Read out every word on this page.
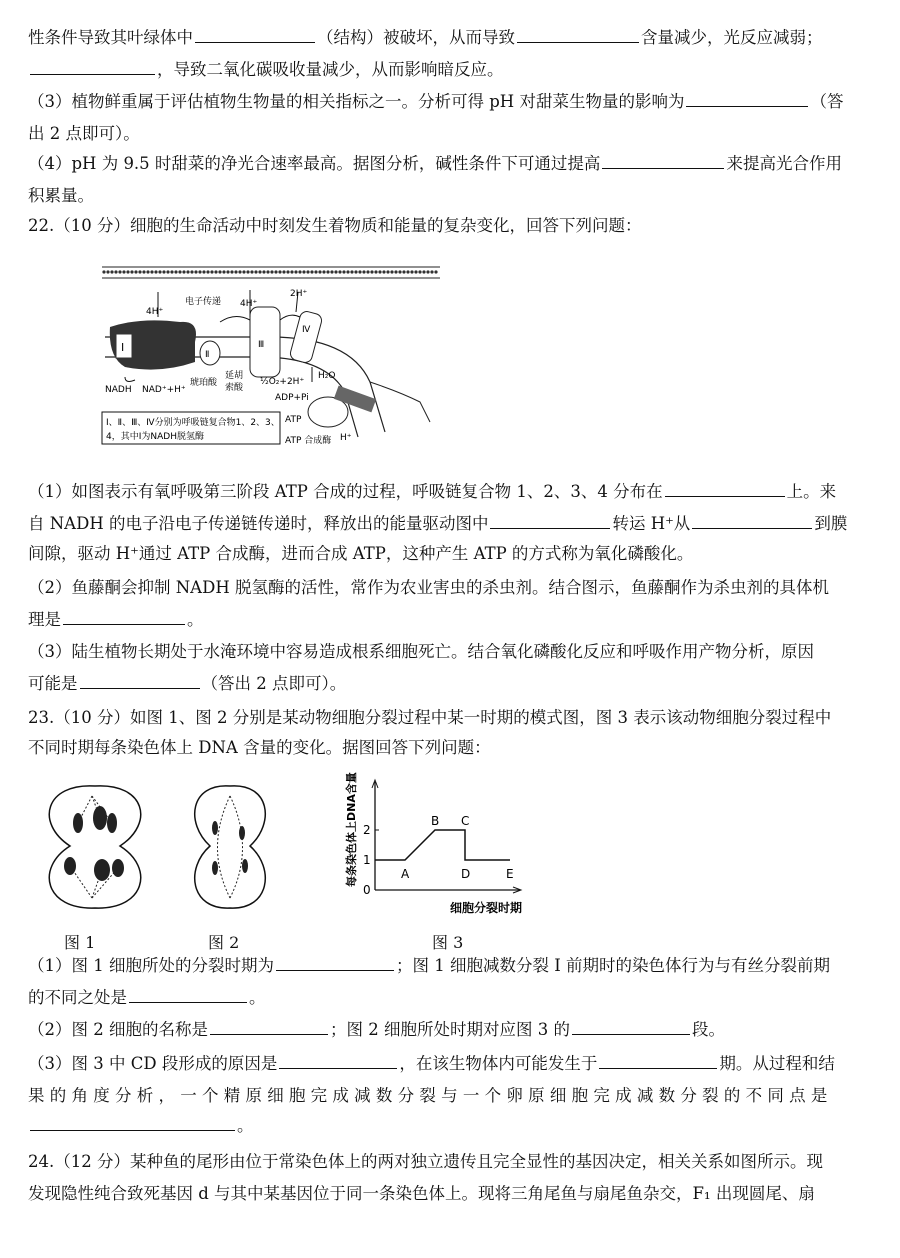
性条件导致其叶绿体中	（结构）被破坏，从而导致	含量减少，光反应减弱；
，导致二氧化碳吸收量减少，从而影响暗反应。
（3）植物鲜重属于评估植物生物量的相关指标之一。分析可得 pH 对甜菜生物量的影响为	（答
出 2 点即可）。
（4）pH 为 9.5 时甜菜的净光合速率最高。据图分析，碱性条件下可通过提高	来提高光合作用
积累量。
22.（10 分）细胞的生命活动中时刻发生着物质和能量的复杂变化，回答下列问题：
（1）如图表示有氧呼吸第三阶段 ATP 合成的过程，呼吸链复合物 1、2、3、4 分布在	上。来
自 NADH 的电子沿电子传递链传递时，释放出的能量驱动图中	转运 H⁺从	到膜
间隙，驱动 H⁺通过 ATP 合成酶，进而合成 ATP，这种产生 ATP 的方式称为氧化磷酸化。
（2）鱼藤酮会抑制 NADH 脱氢酶的活性，常作为农业害虫的杀虫剂。结合图示，鱼藤酮作为杀虫剂的具体机
理是	。
（3）陆生植物长期处于水淹环境中容易造成根系细胞死亡。结合氧化磷酸化反应和呼吸作用产物分析，原因
可能是	（答出 2 点即可）。
23.（10 分）如图 1、图 2 分别是某动物细胞分裂过程中某一时期的模式图，图 3 表示该动物细胞分裂过程中
不同时期每条染色体上 DNA 含量的变化。据图回答下列问题：
（1）图 1 细胞所处的分裂时期为	；图 1 细胞减数分裂 I 前期时的染色体行为与有丝分裂前期
的不同之处是	。
（2）图 2 细胞的名称是	；图 2 细胞所处时期对应图 3 的	段。
（3）图 3 中 CD 段形成的原因是	，在该生物体内可能发生于	期。从过程和结
果 的 角 度 分 析 ， 一 个 精 原 细 胞 完 成 减 数 分 裂 与 一 个 卵 原 细 胞 完 成 减 数 分 裂 的 不 同 点 是
。
24.（12 分）某种鱼的尾形由位于常染色体上的两对独立遗传且完全显性的基因决定，相关关系如图所示。现
发现隐性纯合致死基因 d 与其中某基因位于同一条染色体上。现将三角尾鱼与扇尾鱼杂交，F₁ 出现圆尾、扇
Ⅰ
Ⅱ
Ⅲ
Ⅳ
Ⅰ、Ⅱ、Ⅲ、Ⅳ分别为呼吸链复合物1、2、3、
4，其中Ⅰ为NADH脱氢酶
4H⁺
电子传递 4H⁺
2H⁺
NADH NAD⁺+H⁺
琥珀酸
延胡
索酸
½O₂+2H⁺
H₂O
ADP+Pi
ATP
ATP 合成酶 H⁺
0
1
2
A
B C
D	E
每条染色体上DNA含量
细胞分裂时期
图 1	图 2	图 3
